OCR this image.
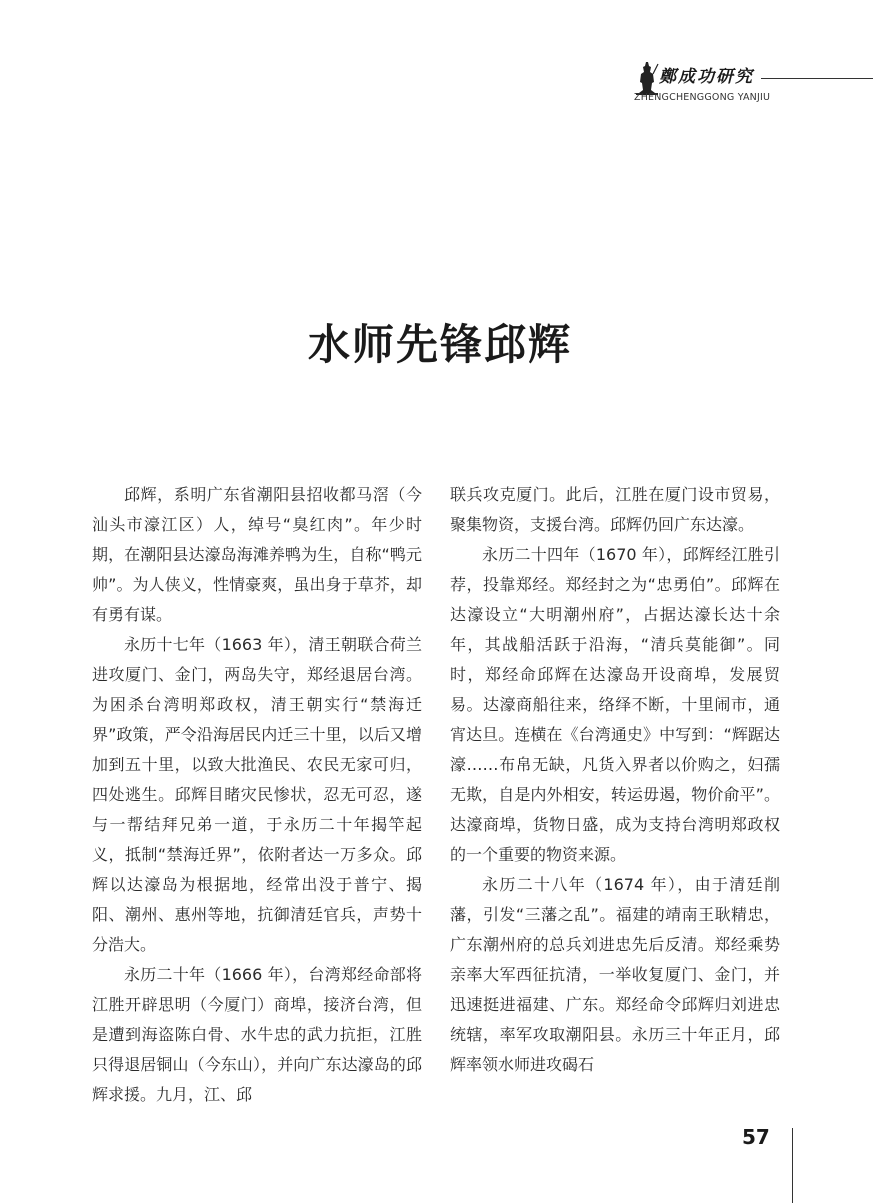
鄭成功研究
ZHENGCHENGGONG YANJIU
水师先锋邱辉

邱辉，系明广东省潮阳县招收都马滘（今汕头市濠江区）人，绰号“臭红肉”。年少时期，在潮阳县达濠岛海滩养鸭为生，自称“鸭元帅”。为人侠义，性情豪爽，虽出身于草芥，却有勇有谋。

永历十七年（1663 年），清王朝联合荷兰进攻厦门、金门，两岛失守，郑经退居台湾。为困杀台湾明郑政权，清王朝实行“禁海迁界”政策，严令沿海居民内迁三十里，以后又增加到五十里，以致大批渔民、农民无家可归，四处逃生。邱辉目睹灾民惨状，忍无可忍，遂与一帮结拜兄弟一道，于永历二十年揭竿起义，抵制“禁海迁界”，依附者达一万多众。邱辉以达濠岛为根据地，经常出没于普宁、揭阳、潮州、惠州等地，抗御清廷官兵，声势十分浩大。

永历二十年（1666 年），台湾郑经命部将江胜开辟思明（今厦门）商埠，接济台湾，但是遭到海盗陈白骨、水牛忠的武力抗拒，江胜只得退居铜山（今东山），并向广东达濠岛的邱辉求援。九月，江、邱

联兵攻克厦门。此后，江胜在厦门设市贸易，聚集物资，支援台湾。邱辉仍回广东达濠。

永历二十四年（1670 年），邱辉经江胜引荐，投靠郑经。郑经封之为“忠勇伯”。邱辉在达濠设立“大明潮州府”，占据达濠长达十余年，其战船活跃于沿海，“清兵莫能御”。同时，郑经命邱辉在达濠岛开设商埠，发展贸易。达濠商船往来，络绎不断，十里闹市，通宵达旦。连横在《台湾通史》中写到：“辉踞达濠……布帛无缺，凡货入界者以价购之，妇孺无欺，自是内外相安，转运毋遏，物价俞平”。达濠商埠，货物日盛，成为支持台湾明郑政权的一个重要的物资来源。

永历二十八年（1674 年），由于清廷削藩，引发“三藩之乱”。福建的靖南王耿精忠，广东潮州府的总兵刘进忠先后反清。郑经乘势亲率大军西征抗清，一举收复厦门、金门，并迅速挺进福建、广东。郑经命令邱辉归刘进忠统辖，率军攻取潮阳县。永历三十年正月，邱辉率领水师进攻碣石

57
